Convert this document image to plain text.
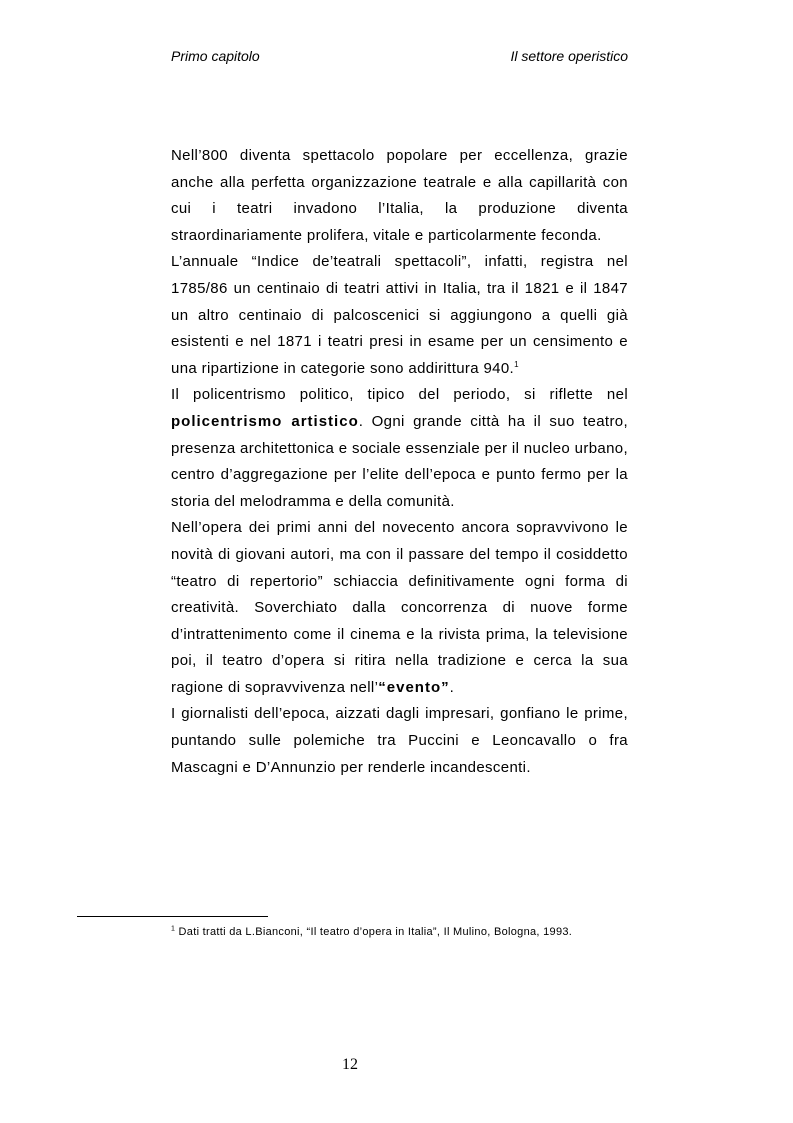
Primo capitolo	Il settore operistico

Nell’800 diventa spettacolo popolare per eccellenza, grazie anche alla perfetta organizzazione teatrale e alla capillarità con cui i teatri invadono l’Italia, la produzione diventa straordinariamente prolifera, vitale e particolarmente feconda.

L’annuale “Indice de’teatrali spettacoli”, infatti, registra nel 1785/86 un centinaio di teatri attivi in Italia, tra il 1821 e il 1847 un altro centinaio di palcoscenici si aggiungono a quelli già esistenti e nel 1871 i teatri presi in esame per un censimento e una ripartizione in categorie sono addirittura 940.$^1$

Il policentrismo politico, tipico del periodo, si riflette nel policentrismo artistico. Ogni grande città ha il suo teatro, presenza architettonica e sociale essenziale per il nucleo urbano, centro d’aggregazione per l’elite dell’epoca e punto fermo per la storia del melodramma e della comunità.

Nell’opera dei primi anni del novecento ancora sopravvivono le novità di giovani autori, ma con il passare del tempo il cosiddetto “teatro di repertorio” schiaccia definitivamente ogni forma di creatività. Soverchiato dalla concorrenza di nuove forme d’intrattenimento come il cinema e la rivista prima, la televisione poi, il teatro d’opera si ritira nella tradizione e cerca la sua ragione di sopravvivenza nell’“evento”.

I giornalisti dell’epoca, aizzati dagli impresari, gonfiano le prime, puntando sulle polemiche tra Puccini e Leoncavallo o fra Mascagni e D’Annunzio per renderle incandescenti.

$^1$ Dati tratti da L.Bianconi, “Il teatro d’opera in Italia”, Il Mulino, Bologna, 1993.
12
